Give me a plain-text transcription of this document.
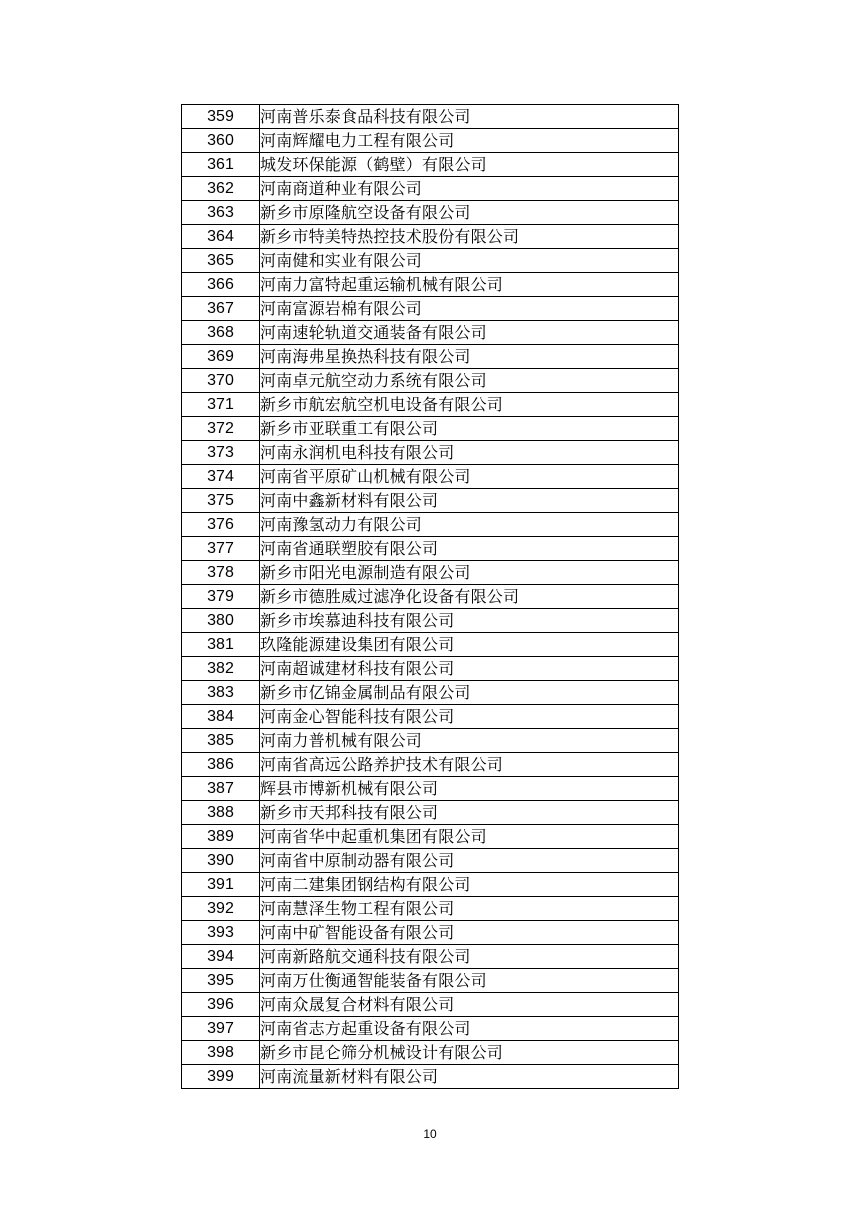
359	河南普乐泰食品科技有限公司
360	河南辉耀电力工程有限公司
361	城发环保能源（鹤壁）有限公司
362	河南商道种业有限公司
363	新乡市原隆航空设备有限公司
364	新乡市特美特热控技术股份有限公司
365	河南健和实业有限公司
366	河南力富特起重运输机械有限公司
367	河南富源岩棉有限公司
368	河南速轮轨道交通装备有限公司
369	河南海弗星换热科技有限公司
370	河南卓元航空动力系统有限公司
371	新乡市航宏航空机电设备有限公司
372	新乡市亚联重工有限公司
373	河南永润机电科技有限公司
374	河南省平原矿山机械有限公司
375	河南中鑫新材料有限公司
376	河南豫氢动力有限公司
377	河南省通联塑胶有限公司
378	新乡市阳光电源制造有限公司
379	新乡市德胜威过滤净化设备有限公司
380	新乡市埃慕迪科技有限公司
381	玖隆能源建设集团有限公司
382	河南超诚建材科技有限公司
383	新乡市亿锦金属制品有限公司
384	河南金心智能科技有限公司
385	河南力普机械有限公司
386	河南省高远公路养护技术有限公司
387	辉县市博新机械有限公司
388	新乡市天邦科技有限公司
389	河南省华中起重机集团有限公司
390	河南省中原制动器有限公司
391	河南二建集团钢结构有限公司
392	河南慧泽生物工程有限公司
393	河南中矿智能设备有限公司
394	河南新路航交通科技有限公司
395	河南万仕衡通智能装备有限公司
396	河南众晟复合材料有限公司
397	河南省志方起重设备有限公司
398	新乡市昆仑筛分机械设计有限公司
399	河南流量新材料有限公司
10
